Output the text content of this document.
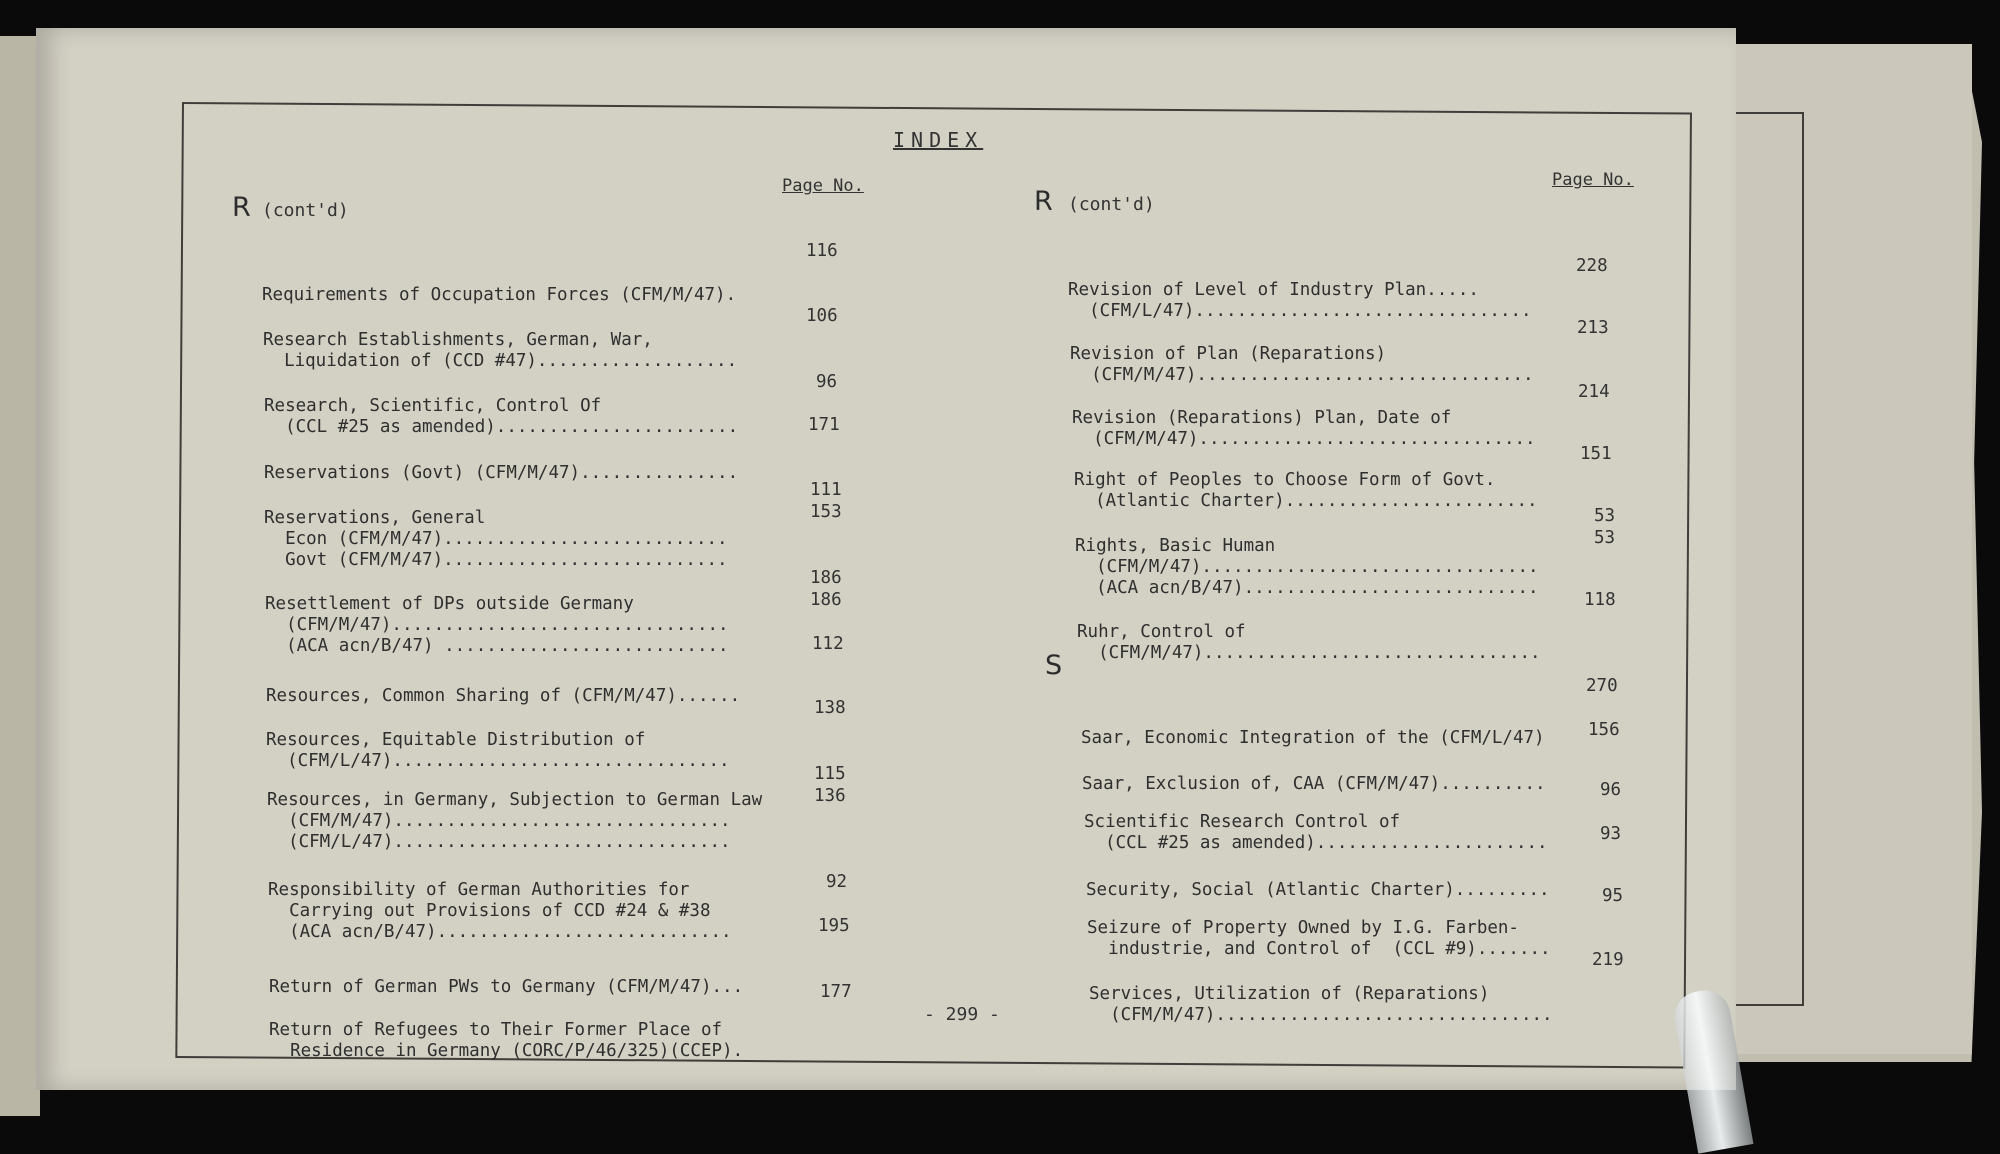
INDEX
Page No.	Page No.
R (cont'd)	R (cont'd)
S

Requirements of Occupation Forces (CFM/M/47).

116

Research Establishments, German, War,
Liquidation of (CCD #47)...................

106

Research, Scientific, Control Of
(CCL #25 as amended).......................

96

Reservations (Govt) (CFM/M/47)...............

171

Reservations, General
Econ (CFM/M/47)...........................
Govt (CFM/M/47)...........................

111
153

Resettlement of DPs outside Germany
(CFM/M/47)................................
(ACA acn/B/47) ...........................

186
186

Resources, Common Sharing of (CFM/M/47)......

112

Resources, Equitable Distribution of
(CFM/L/47)................................

138

Resources, in Germany, Subjection to German Law
(CFM/M/47)................................
(CFM/L/47)................................

115
136

Responsibility of German Authorities for
Carrying out Provisions of CCD #24 & #38
(ACA acn/B/47)............................

92

Return of German PWs to Germany (CFM/M/47)...

195

Return of Refugees to Their Former Place of
Residence in Germany (CORC/P/46/325)(CCEP).

177

Revision of Level of Industry Plan.....
(CFM/L/47)................................

228

Revision of Plan (Reparations)
(CFM/M/47)................................

213

Revision (Reparations) Plan, Date of
(CFM/M/47)................................

214

Right of Peoples to Choose Form of Govt.
(Atlantic Charter)........................

151

Rights, Basic Human
(CFM/M/47)................................
(ACA acn/B/47)............................

53
53

Ruhr, Control of
(CFM/M/47)................................

118

Saar, Economic Integration of the (CFM/L/47)

270

Saar, Exclusion of, CAA (CFM/M/47)..........

156

Scientific Research Control of
(CCL #25 as amended)......................

96

Security, Social (Atlantic Charter).........

93

Seizure of Property Owned by I.G. Farben-
industrie, and Control of  (CCL #9).......

95

Services, Utilization of (Reparations)
(CFM/M/47)................................

219
- 299 -
